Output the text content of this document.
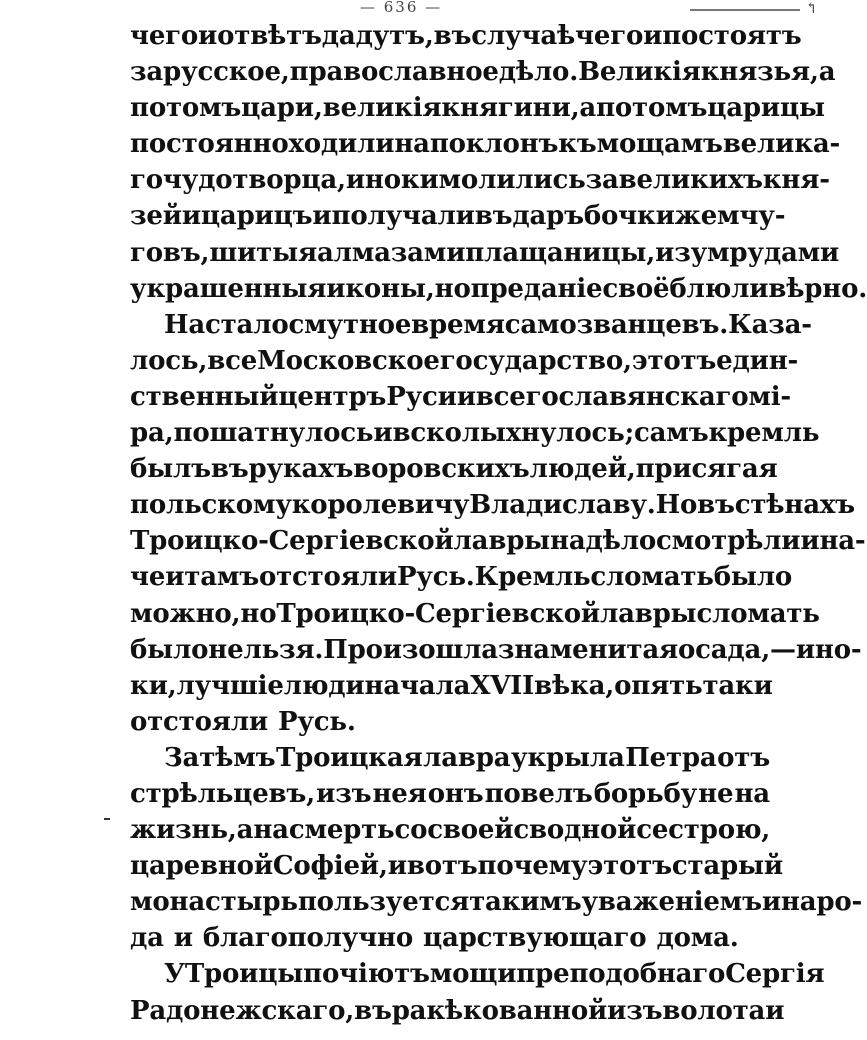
— 636 —	↰
чего и отвѣтъ дадутъ, въ случаѣ чего и постоятъ
за русское, православное дѣло. Великія князья, а
потомъ цари, великія княгини, а потомъ царицы
постоянно ходили на поклонъ къ мощамъ велика-
го чудотворца, иноки молились за великихъ кня-
зей и царицъ и получали въ даръ бочки жемчу-
говъ, шитыя алмазами плащаницы, изумрудами
украшенныя иконы, но преданіе своё блюли вѣрно.
Настало смутное время самозванцевъ. Каза-
лось, все Московское государство, этотъ един-
ственный центръ Руси и всего славянскаго мі-
ра, пошатнулось и всколыхнулось; самъ кремль
былъ въ рукахъ воровскихъ людей, присягая
польскому королевичу Владиславу. Но въ стѣнахъ
Троицко-Сергіевской лавры на дѣло смотрѣли ина-
че и тамъ отстояли Русь. Кремль сломать было
можно, но Троицко-Сергіевской лавры сломать
было нельзя. Произошла знаменитая осада,—ино-
ки, лучшіе люди начала XVII вѣка, опять таки
отстояли Русь.
Затѣмъ Троицкая лавра укрыла Петра отъ
стрѣльцевъ, изъ нея онъ повелъ борьбу не на
жизнь, а на смерть со своей сводной сестрою,
царевной Софіей, и вотъ почему этотъ старый
монастырь пользуется такимъ уваженіемъ и наро-
да и благополучно царствующаго дома.
У Троицы почіютъ мощи преподобнаго Сергія
Радонежскаго, въ ракѣ кованной изъ волота и
